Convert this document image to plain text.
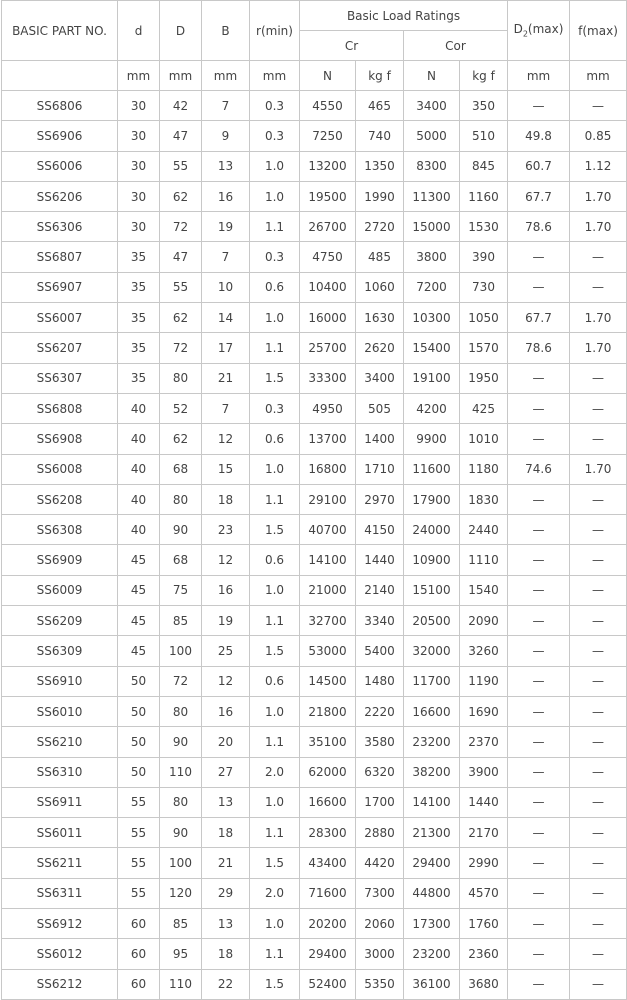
BASIC PART NO.	d	D	B	r(min)	Basic Load Ratings				$D_2(\max)$	f(max)
					Cr		Cor			
	mm	mm	mm	mm	N	kg f	N	kg f	mm	mm
SS6806	30	42	7	0.3	4550	465	3400	350	—	—
SS6906	30	47	9	0.3	7250	740	5000	510	49.8	0.85
SS6006	30	55	13	1.0	13200	1350	8300	845	60.7	1.12
SS6206	30	62	16	1.0	19500	1990	11300	1160	67.7	1.70
SS6306	30	72	19	1.1	26700	2720	15000	1530	78.6	1.70
SS6807	35	47	7	0.3	4750	485	3800	390	—	—
SS6907	35	55	10	0.6	10400	1060	7200	730	—	—
SS6007	35	62	14	1.0	16000	1630	10300	1050	67.7	1.70
SS6207	35	72	17	1.1	25700	2620	15400	1570	78.6	1.70
SS6307	35	80	21	1.5	33300	3400	19100	1950	—	—
SS6808	40	52	7	0.3	4950	505	4200	425	—	—
SS6908	40	62	12	0.6	13700	1400	9900	1010	—	—
SS6008	40	68	15	1.0	16800	1710	11600	1180	74.6	1.70
SS6208	40	80	18	1.1	29100	2970	17900	1830	—	—
SS6308	40	90	23	1.5	40700	4150	24000	2440	—	—
SS6909	45	68	12	0.6	14100	1440	10900	1110	—	—
SS6009	45	75	16	1.0	21000	2140	15100	1540	—	—
SS6209	45	85	19	1.1	32700	3340	20500	2090	—	—
SS6309	45	100	25	1.5	53000	5400	32000	3260	—	—
SS6910	50	72	12	0.6	14500	1480	11700	1190	—	—
SS6010	50	80	16	1.0	21800	2220	16600	1690	—	—
SS6210	50	90	20	1.1	35100	3580	23200	2370	—	—
SS6310	50	110	27	2.0	62000	6320	38200	3900	—	—
SS6911	55	80	13	1.0	16600	1700	14100	1440	—	—
SS6011	55	90	18	1.1	28300	2880	21300	2170	—	—
SS6211	55	100	21	1.5	43400	4420	29400	2990	—	—
SS6311	55	120	29	2.0	71600	7300	44800	4570	—	—
SS6912	60	85	13	1.0	20200	2060	17300	1760	—	—
SS6012	60	95	18	1.1	29400	3000	23200	2360	—	—
SS6212	60	110	22	1.5	52400	5350	36100	3680	—	—
